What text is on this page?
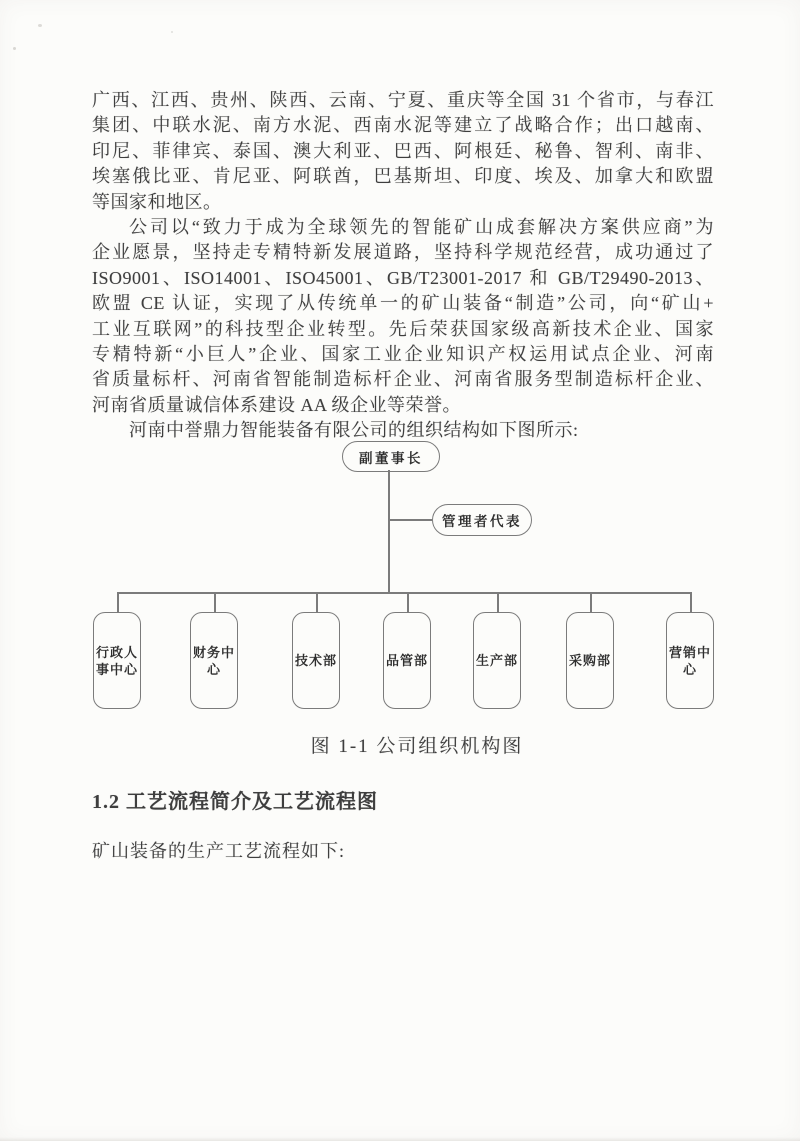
广西、江西、贵州、陕西、云南、宁夏、重庆等全国 31 个省市，与春江
集团、中联水泥、南方水泥、西南水泥等建立了战略合作；出口越南、
印尼、菲律宾、泰国、澳大利亚、巴西、阿根廷、秘鲁、智利、南非、
埃塞俄比亚、肯尼亚、阿联酋，巴基斯坦、印度、埃及、加拿大和欧盟
等国家和地区。
公司以“致力于成为全球领先的智能矿山成套解决方案供应商”为
企业愿景，坚持走专精特新发展道路，坚持科学规范经营，成功通过了
ISO9001、ISO14001、ISO45001、GB/T23001-2017 和 GB/T29490-2013、
欧盟 CE 认证，实现了从传统单一的矿山装备“制造”公司，向“矿山+
工业互联网”的科技型企业转型。先后荣获国家级高新技术企业、国家
专精特新“小巨人”企业、国家工业企业知识产权运用试点企业、河南
省质量标杆、河南省智能制造标杆企业、河南省服务型制造标杆企业、
河南省质量诚信体系建设 AA 级企业等荣誉。
河南中誉鼎力智能装备有限公司的组织结构如下图所示:
副董事长
管理者代表
行政人事中心
财务中心
技术部	品管部	生产部	采购部
营销中心
图 1-1 公司组织机构图
1.2 工艺流程简介及工艺流程图
矿山装备的生产工艺流程如下:
